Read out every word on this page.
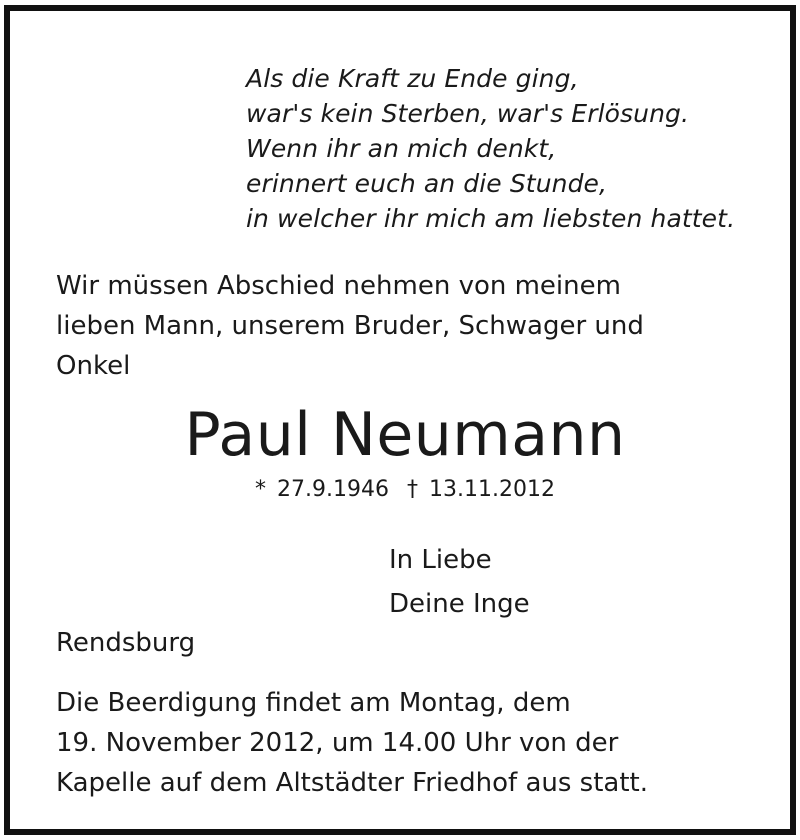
Als die Kraft zu Ende ging,
war's kein Sterben, war's Erlösung.
Wenn ihr an mich denkt,
erinnert euch an die Stunde,
in welcher ihr mich am liebsten hattet.
Wir müssen Abschied nehmen von meinem
lieben Mann, unserem Bruder, Schwager und
Onkel
Paul Neumann
* 27.9.1946 † 13.11.2012
In Liebe
Deine Inge
Rendsburg
Die Beerdigung findet am Montag, dem
19. November 2012, um 14.00 Uhr von der
Kapelle auf dem Altstädter Friedhof aus statt.
